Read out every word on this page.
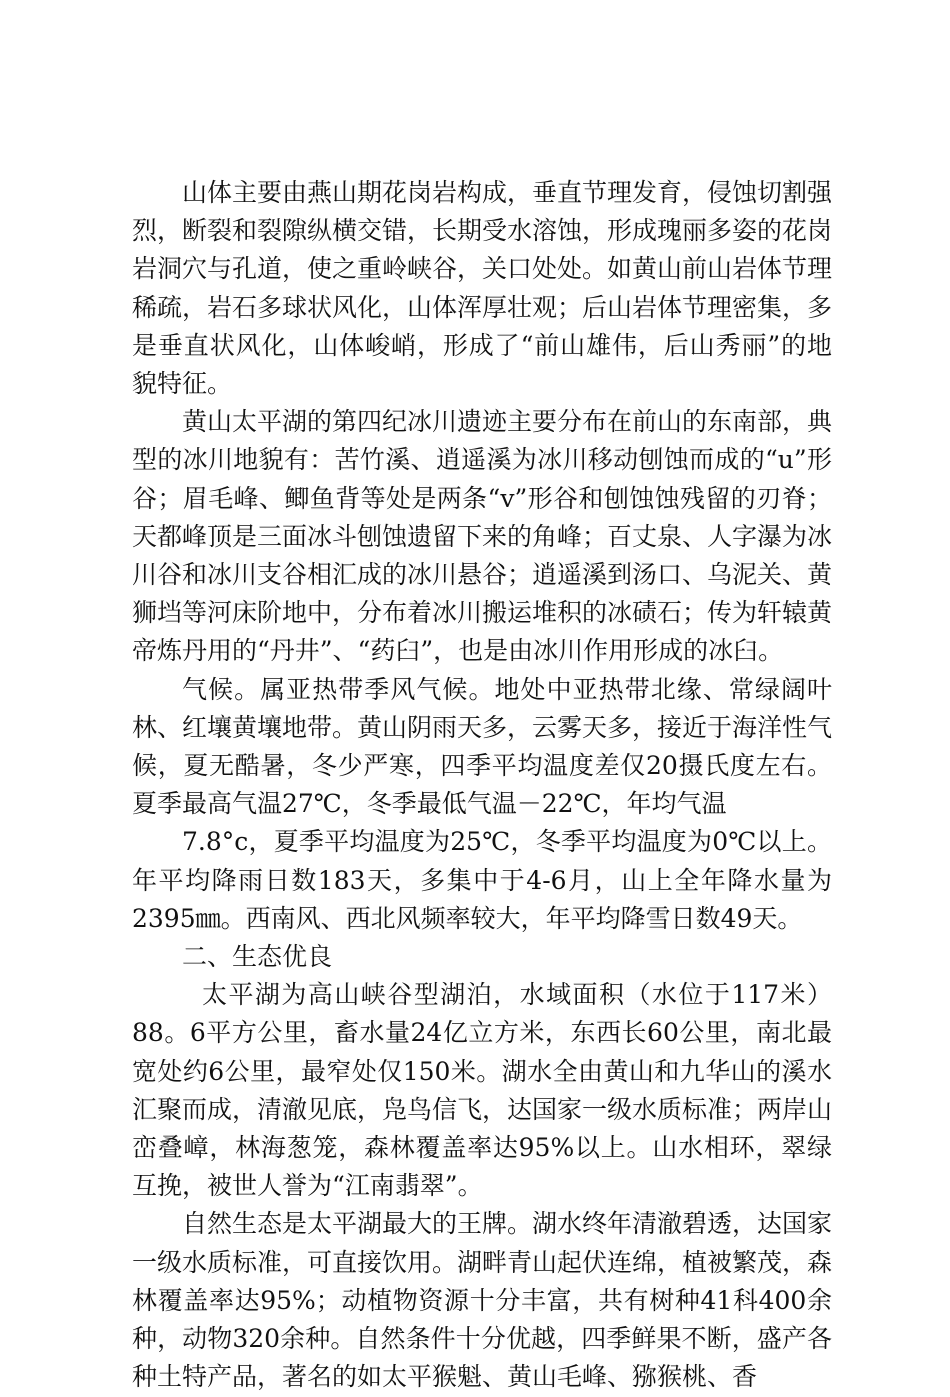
山体主要由燕山期花岗岩构成，垂直节理发育，侵蚀切割强烈，断裂和裂隙纵横交错，长期受水溶蚀，形成瑰丽多姿的花岗岩洞穴与孔道，使之重岭峡谷，关口处处。如黄山前山岩体节理稀疏，岩石多球状风化，山体浑厚壮观；后山岩体节理密集，多是垂直状风化，山体峻峭，形成了“前山雄伟，后山秀丽”的地貌特征。

黄山太平湖的第四纪冰川遗迹主要分布在前山的东南部，典型的冰川地貌有：苦竹溪、逍遥溪为冰川移动刨蚀而成的“u”形谷；眉毛峰、鲫鱼背等处是两条“v”形谷和刨蚀蚀残留的刃脊；天都峰顶是三面冰斗刨蚀遗留下来的角峰；百丈泉、人字瀑为冰川谷和冰川支谷相汇成的冰川悬谷；逍遥溪到汤口、乌泥关、黄狮垱等河床阶地中，分布着冰川搬运堆积的冰碛石；传为轩辕黄帝炼丹用的“丹井”、“药臼”，也是由冰川作用形成的冰臼。

气候。属亚热带季风气候。地处中亚热带北缘、常绿阔叶林、红壤黄壤地带。黄山阴雨天多，云雾天多，接近于海洋性气候，夏无酷暑，冬少严寒，四季平均温度差仅20摄氏度左右。夏季最高气温27℃，冬季最低气温－22℃，年均气温

7.8°c，夏季平均温度为25℃，冬季平均温度为0℃以上。年平均降雨日数183天，多集中于4-6月，山上全年降水量为2395㎜。西南风、西北风频率较大，年平均降雪日数49天。

二、生态优良

太平湖为高山峡谷型湖泊，水域面积（水位于117米）88。6平方公里，畜水量24亿立方米，东西长60公里，南北最宽处约6公里，最窄处仅150米。湖水全由黄山和九华山的溪水汇聚而成，清澈见底，凫鸟信飞，达国家一级水质标准；两岸山峦叠嶂，林海葱笼，森林覆盖率达95%以上。山水相环，翠绿互挽，被世人誉为“江南翡翠”。

自然生态是太平湖最大的王牌。湖水终年清澈碧透，达国家一级水质标准，可直接饮用。湖畔青山起伏连绵，植被繁茂，森林覆盖率达95%；动植物资源十分丰富，共有树种41科400余种，动物320余种。自然条件十分优越，四季鲜果不断，盛产各种土特产品，著名的如太平猴魁、黄山毛峰、猕猴桃、香
